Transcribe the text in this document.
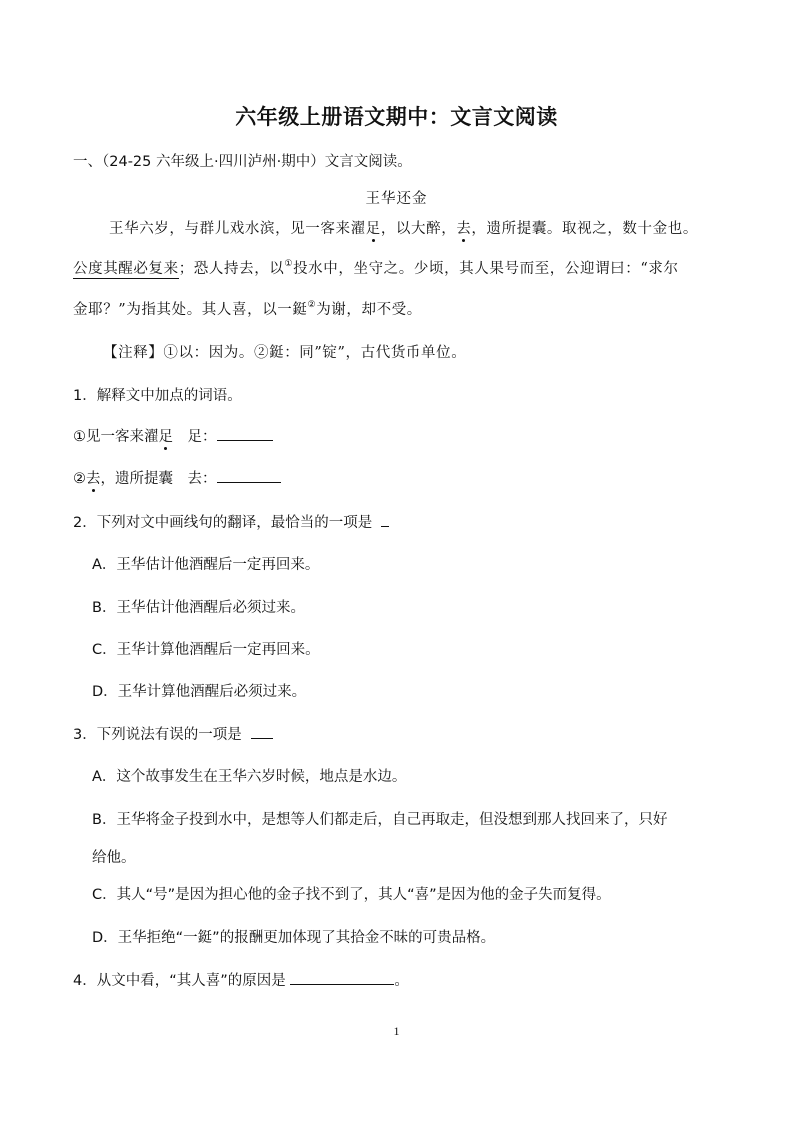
六年级上册语文期中：文言文阅读
一、（24-25 六年级上·四川泸州·期中）文言文阅读。
王华还金
王华六岁，与群儿戏水滨，见一客来濯足，以大醉，去，遗所提囊。取视之，数十金也。
公度其醒必复来；恐人持去，以①投水中，坐守之。少顷，其人果号而至，公迎谓曰：“求尔
金耶？”为指其处。其人喜，以一鋌②为谢，却不受。
【注释】①以：因为。②鋌：同”锭”，古代货币单位。
1．解释文中加点的词语。
①见一客来濯足　足：
②去，遗所提囊　去：
2．下列对文中画线句的翻译，最恰当的一项是
A．王华估计他酒醒后一定再回来。
B．王华估计他酒醒后必须过来。
C．王华计算他酒醒后一定再回来。
D．王华计算他酒醒后必须过来。
3．下列说法有误的一项是
A．这个故事发生在王华六岁时候，地点是水边。
B．王华将金子投到水中，是想等人们都走后，自己再取走，但没想到那人找回来了，只好
给他。
C．其人“号”是因为担心他的金子找不到了，其人“喜”是因为他的金子失而复得。
D．王华拒绝“一鋌”的报酬更加体现了其拾金不昧的可贵品格。
4．从文中看，“其人喜”的原因是	。
1
